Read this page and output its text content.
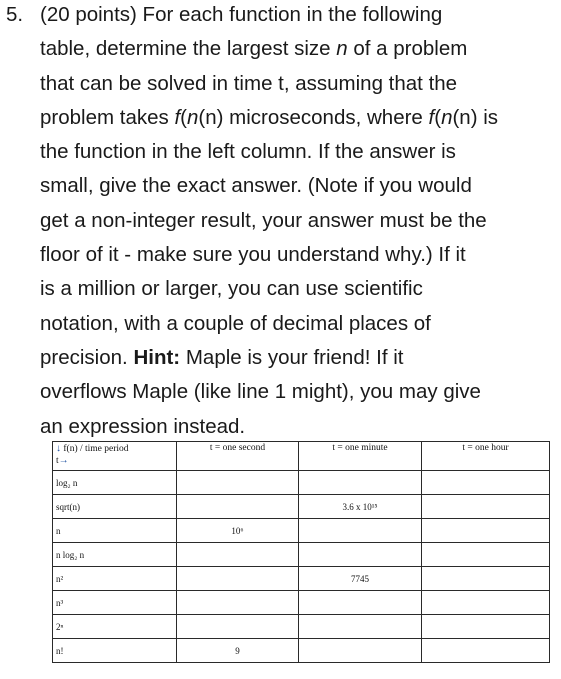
5. (20 points) For each function in the following
table, determine the largest size n of a problem
that can be solved in time t, assuming that the
problem takes f(n(n) microseconds, where f(n(n) is
the function in the left column. If the answer is
small, give the exact answer. (Note if you would
get a non-integer result, your answer must be the
floor of it - make sure you understand why.) If it
is a million or larger, you can use scientific
notation, with a couple of decimal places of
precision. Hint: Maple is your friend! If it
overflows Maple (like line 1 might), you may give
an expression instead.

↓ f(n) / time period
t→	t = one second	t = one minute	t = one hour
log₂ n			
sqrt(n)		3.6 x 10¹⁵	
n	10⁶		
n log₂ n			
n²		7745	
n³			
2ⁿ			
n!	9		
